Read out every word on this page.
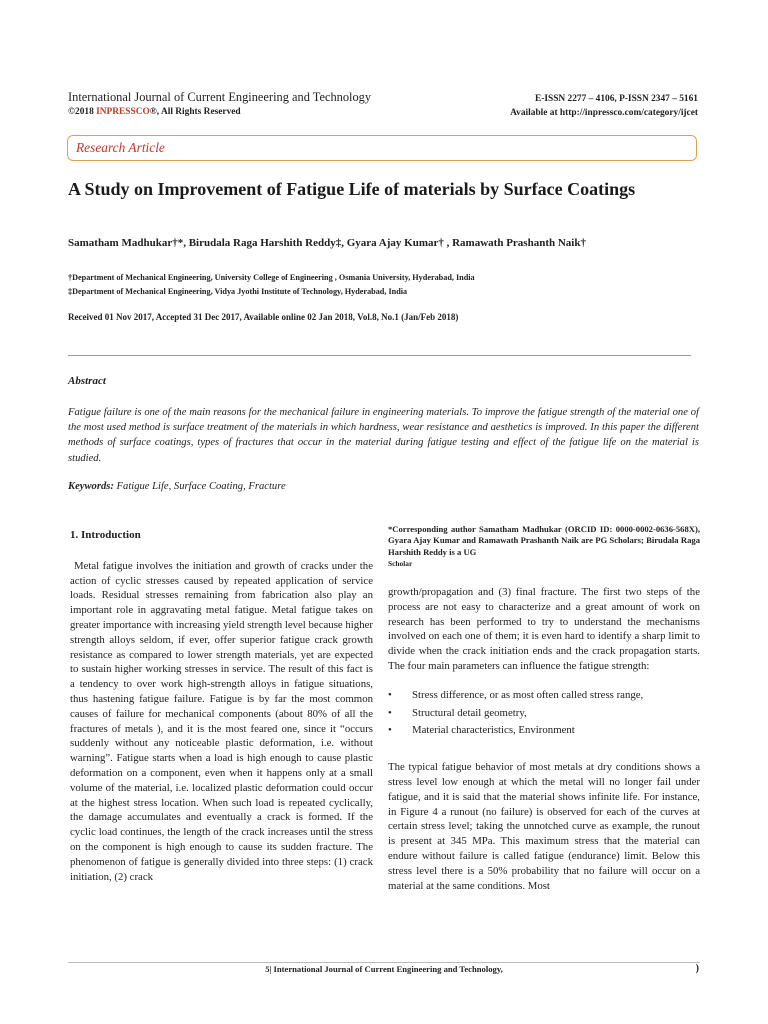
International Journal of Current Engineering and Technology
©2018 INPRESSCO®, All Rights Reserved
E-ISSN 2277 – 4106, P-ISSN 2347 – 5161
Available at http://inpressco.com/category/ijcet
Research Article
A Study on Improvement of Fatigue Life of materials by Surface Coatings
Samatham Madhukar†*, Birudala Raga Harshith Reddy‡, Gyara Ajay Kumar† , Ramawath Prashanth Naik†
†Department of Mechanical Engineering, University College of Engineering , Osmania University, Hyderabad, India
‡Department of Mechanical Engineering, Vidya Jyothi Institute of Technology, Hyderabad, India
Received 01 Nov 2017, Accepted 31 Dec 2017, Available online 02 Jan 2018, Vol.8, No.1 (Jan/Feb 2018)
Abstract
Fatigue failure is one of the main reasons for the mechanical failure in engineering materials. To improve the fatigue strength of the material one of the most used method is surface treatment of the materials in which hardness, wear resistance and aesthetics is improved. In this paper the different methods of surface coatings, types of fractures that occur in the material during fatigue testing and effect of the fatigue life on the material is studied.
Keywords: Fatigue Life, Surface Coating, Fracture
1. Introduction
Metal fatigue involves the initiation and growth of cracks under the action of cyclic stresses caused by repeated application of service loads. Residual stresses remaining from fabrication also play an important role in aggravating metal fatigue. Metal fatigue takes on greater importance with increasing yield strength level because higher strength alloys seldom, if ever, offer superior fatigue crack growth resistance as compared to lower strength materials, yet are expected to sustain higher working stresses in service. The result of this fact is a tendency to over work high-strength alloys in fatigue situations, thus hastening fatigue failure. Fatigue is by far the most common causes of failure for mechanical components (about 80% of all the fractures of metals ), and it is the most feared one, since it “occurs suddenly without any noticeable plastic deformation, i.e. without warning”. Fatigue starts when a load is high enough to cause plastic deformation on a component, even when it happens only at a small volume of the material, i.e. localized plastic deformation could occur at the highest stress location. When such load is repeated cyclically, the damage accumulates and eventually a crack is formed. If the cyclic load continues, the length of the crack increases until the stress on the component is high enough to cause its sudden fracture. The phenomenon of fatigue is generally divided into three steps: (1) crack initiation, (2) crack
*Corresponding author Samatham Madhukar (ORCID ID: 0000-0002-0636-568X), Gyara Ajay Kumar and Ramawath Prashanth Naik are PG Scholars; Birudala Raga Harshith Reddy is a UG
Scholar
growth/propagation and (3) final fracture. The first two steps of the process are not easy to characterize and a great amount of work on research has been performed to try to understand the mechanisms involved on each one of them; it is even hard to identify a sharp limit to divide when the crack initiation ends and the crack propagation starts. The four main parameters can influence the fatigue strength:
• Stress difference, or as most often called stress range,
• Structural detail geometry,
• Material characteristics, Environment
The typical fatigue behavior of most metals at dry conditions shows a stress level low enough at which the metal will no longer fail under fatigue, and it is said that the material shows infinite life. For instance, in Figure 4 a runout (no failure) is observed for each of the curves at certain stress level; taking the unnotched curve as example, the runout is present at 345 MPa. This maximum stress that the material can endure without failure is called fatigue (endurance) limit. Below this stress level there is a 50% probability that no failure will occur on a material at the same conditions. Most
5| International Journal of Current Engineering and Technology,	)
